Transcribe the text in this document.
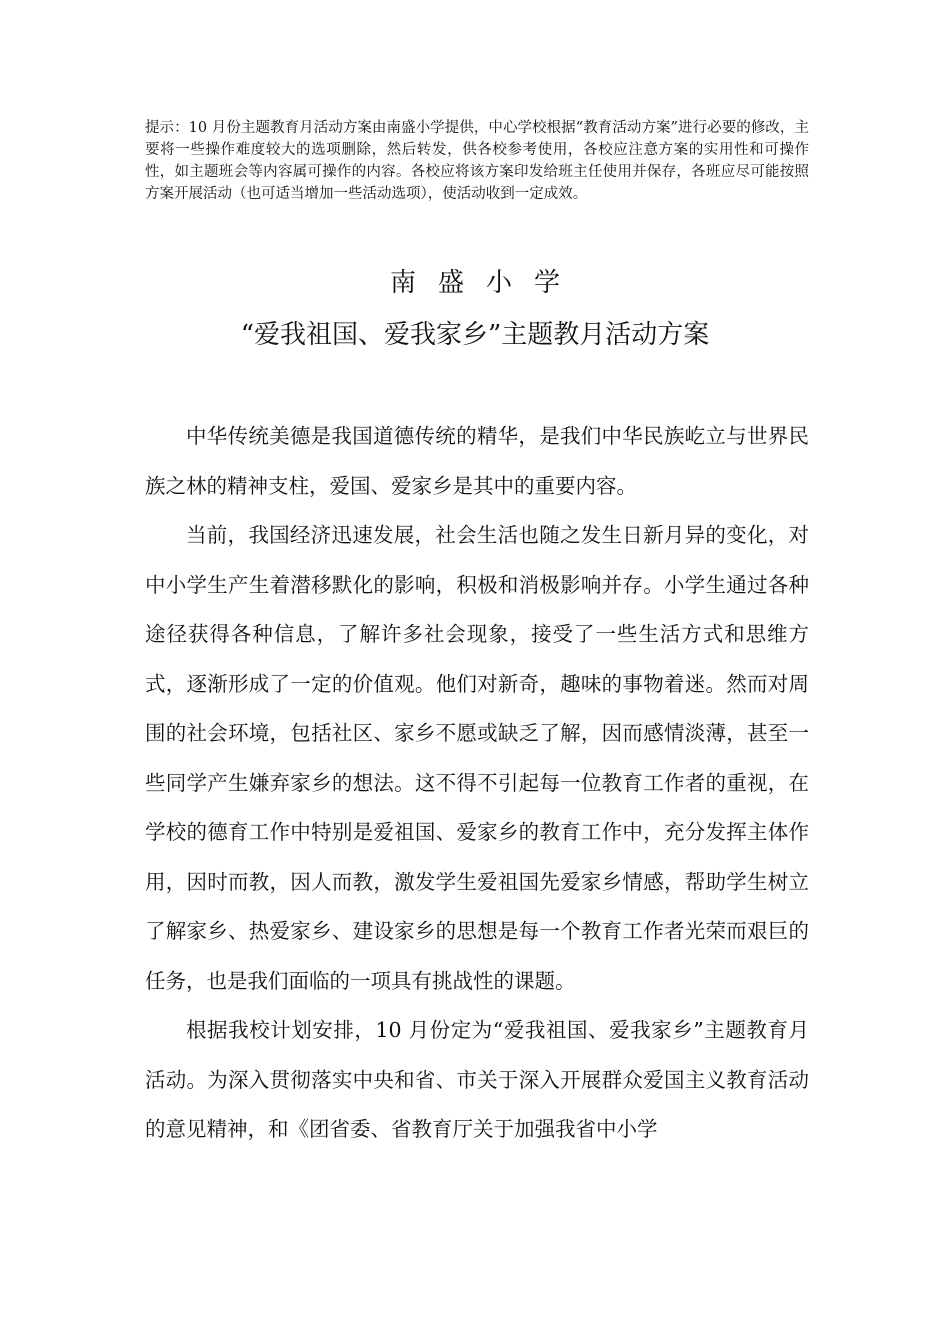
提示：10 月份主题教育月活动方案由南盛小学提供，中心学校根据“教育活动方案”进行必要的修改，主要将一些操作难度较大的选项删除，然后转发，供各校参考使用，各校应注意方案的实用性和可操作性，如主题班会等内容属可操作的内容。各校应将该方案印发给班主任使用并保存，各班应尽可能按照方案开展活动（也可适当增加一些活动选项），使活动收到一定成效。

南盛小学
“爱我祖国、爱我家乡”主题教月活动方案

中华传统美德是我国道德传统的精华，是我们中华民族屹立与世界民族之林的精神支柱，爱国、爱家乡是其中的重要内容。

当前，我国经济迅速发展，社会生活也随之发生日新月异的变化，对中小学生产生着潜移默化的影响，积极和消极影响并存。小学生通过各种途径获得各种信息，了解许多社会现象，接受了一些生活方式和思维方式，逐渐形成了一定的价值观。他们对新奇，趣味的事物着迷。然而对周围的社会环境，包括社区、家乡不愿或缺乏了解，因而感情淡薄，甚至一些同学产生嫌弃家乡的想法。这不得不引起每一位教育工作者的重视，在学校的德育工作中特别是爱祖国、爱家乡的教育工作中，充分发挥主体作用，因时而教，因人而教，激发学生爱祖国先爱家乡情感，帮助学生树立了解家乡、热爱家乡、建设家乡的思想是每一个教育工作者光荣而艰巨的任务，也是我们面临的一项具有挑战性的课题。

根据我校计划安排，10 月份定为“爱我祖国、爱我家乡”主题教育月活动。为深入贯彻落实中央和省、市关于深入开展群众爱国主义教育活动的意见精神，和《团省委、省教育厅关于加强我省中小学
